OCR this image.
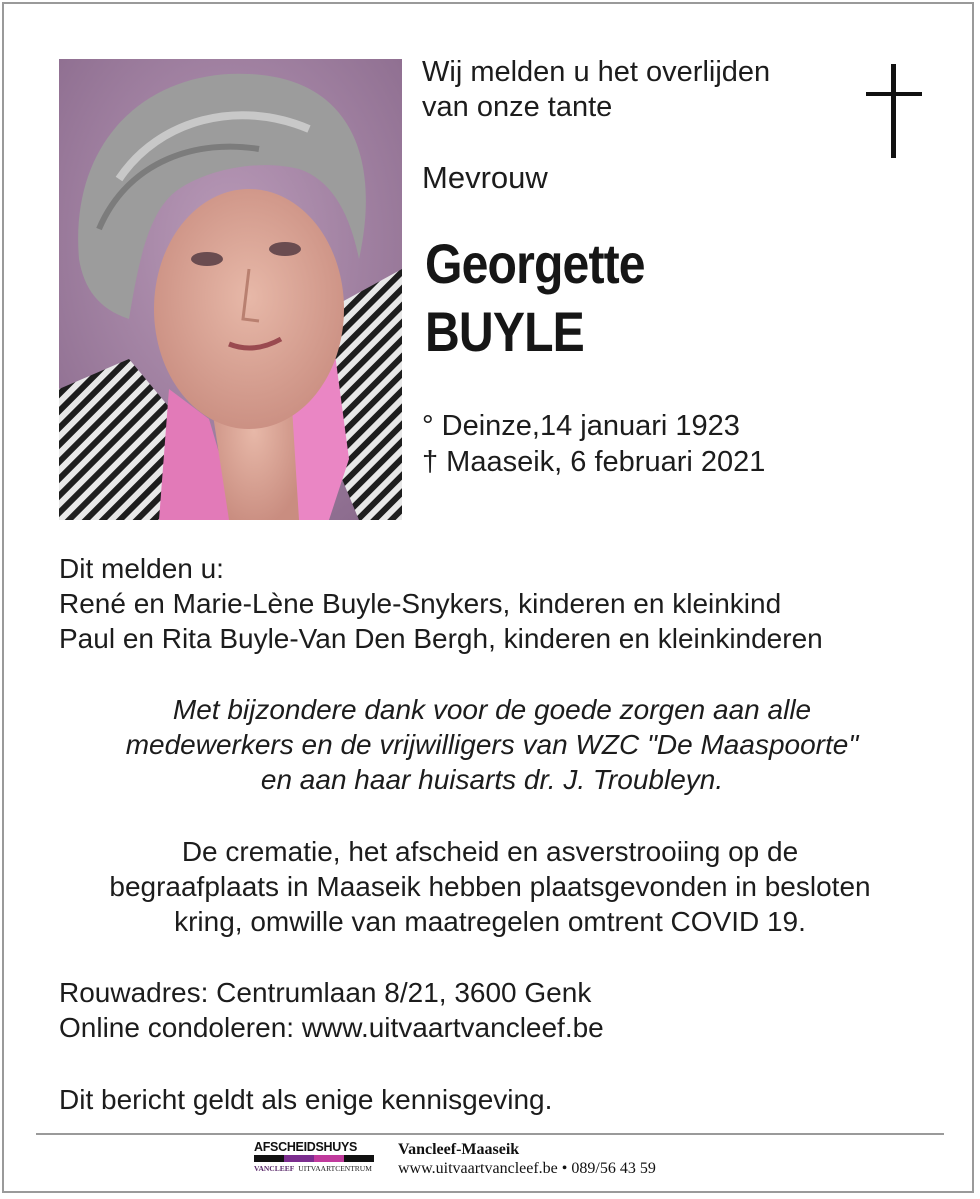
Wij melden u het overlijden
van onze tante

Mevrouw

Georgette
BUYLE

° Deinze,14 januari 1923
† Maaseik, 6 februari 2021

Dit melden u:
René en Marie-Lène Buyle-Snykers, kinderen en kleinkind
Paul en Rita Buyle-Van Den Bergh, kinderen en kleinkinderen

Met bijzondere dank voor de goede zorgen aan alle
medewerkers en de vrijwilligers van WZC "De Maaspoorte"
en aan haar huisarts dr. J. Troubleyn.

De crematie, het afscheid en asverstrooiing op de
begraafplaats in Maaseik hebben plaatsgevonden in besloten
kring, omwille van maatregelen omtrent COVID 19.

Rouwadres: Centrumlaan 8/21, 3600 Genk
Online condoleren: www.uitvaartvancleef.be

Dit bericht geldt als enige kennisgeving.

AFSCHEIDSHUYS
VANCLEEF UITVAARTCENTRUM
Vancleef-Maaseik
www.uitvaartvancleef.be • 089/56 43 59
